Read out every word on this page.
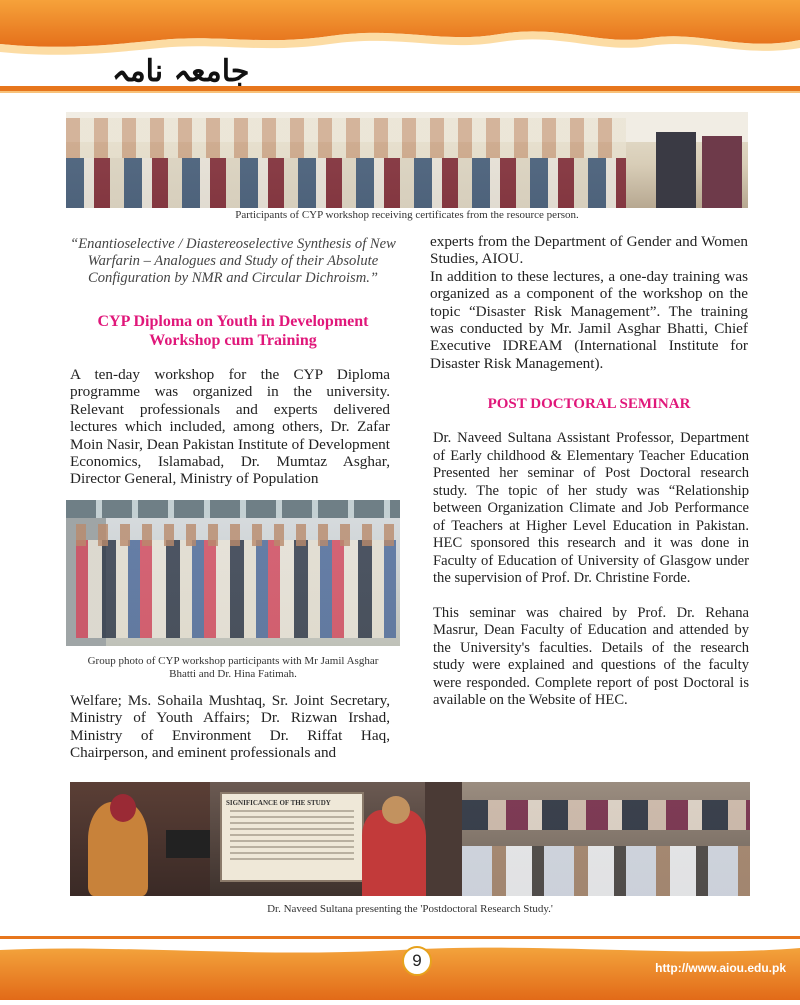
جامعہ نامہ
Participants of CYP workshop receiving certificates from the resource person.
“Enantioselective / Diastereoselective Synthesis of New Warfarin – Analogues and Study of their Absolute Configuration by NMR and Circular Dichroism.”
CYP Diploma on Youth in Development Workshop cum Training

A ten-day workshop for the CYP Diploma programme was organized in the university. Relevant professionals and experts delivered lectures which included, among others, Dr. Zafar Moin Nasir, Dean Pakistan Institute of Development Economics, Islamabad, Dr. Mumtaz Asghar, Director General, Ministry of Population

Group photo of CYP workshop participants with Mr Jamil Asghar Bhatti and Dr. Hina Fatimah.

Welfare; Ms. Sohaila Mushtaq, Sr. Joint Secretary, Ministry of Youth Affairs; Dr. Rizwan Irshad, Ministry of Environment Dr. Riffat Haq, Chairperson, and eminent professionals and

experts from the Department of Gender and Women Studies, AIOU.

In addition to these lectures, a one-day training was organized as a component of the workshop on the topic “Disaster Risk Management”. The training was conducted by Mr. Jamil Asghar Bhatti, Chief Executive IDREAM (International Institute for Disaster Risk Management).

POST DOCTORAL SEMINAR

Dr. Naveed Sultana Assistant Professor, Department of Early childhood & Elementary Teacher Education Presented her seminar of Post Doctoral research study. The topic of her study was “Relationship between Organization Climate and Job Performance of Teachers at Higher Level Education in Pakistan. HEC sponsored this research and it was done in Faculty of Education of University of Glasgow under the supervision of Prof. Dr. Christine Forde.

This seminar was chaired by Prof. Dr. Rehana Masrur, Dean Faculty of Education and attended by the University's faculties. Details of the research study were explained and questions of the faculty were responded. Complete report of post Doctoral is available on the Website of HEC.

SIGNIFICANCE OF THE STUDY
Dr. Naveed Sultana presenting the 'Postdoctoral Research Study.'
9	http://www.aiou.edu.pk
